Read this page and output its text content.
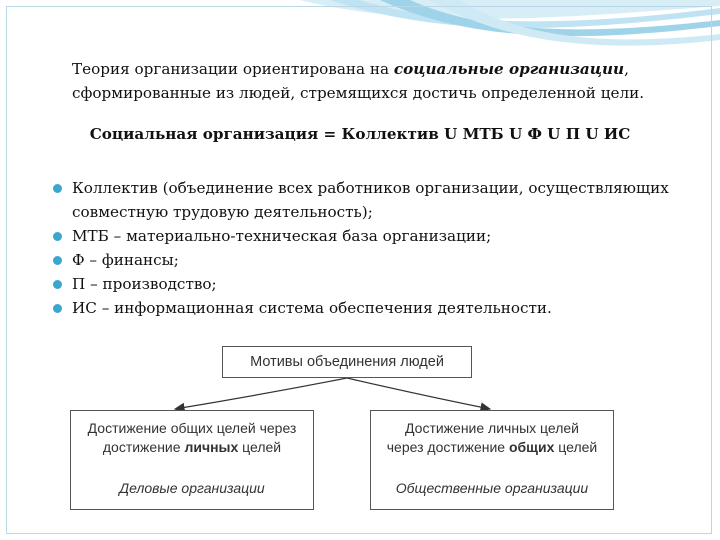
Теория организации ориентирована на социальные организации, сформированные из людей, стремящихся достичь определенной цели.

Социальная организация = Коллектив U МТБ U Ф U П U ИС

Коллектив (объединение всех работников организации, осуществляющих совместную трудовую деятельность);
МТБ – материально-техническая база организации;
Ф – финансы;
П – производство;
ИС – информационная система обеспечения деятельности.
Мотивы объединения людей
Достижение общих целей через
достижение личных целей
Деловые организации
Достижение личных целей
через достижение общих целей
Общественные организации
